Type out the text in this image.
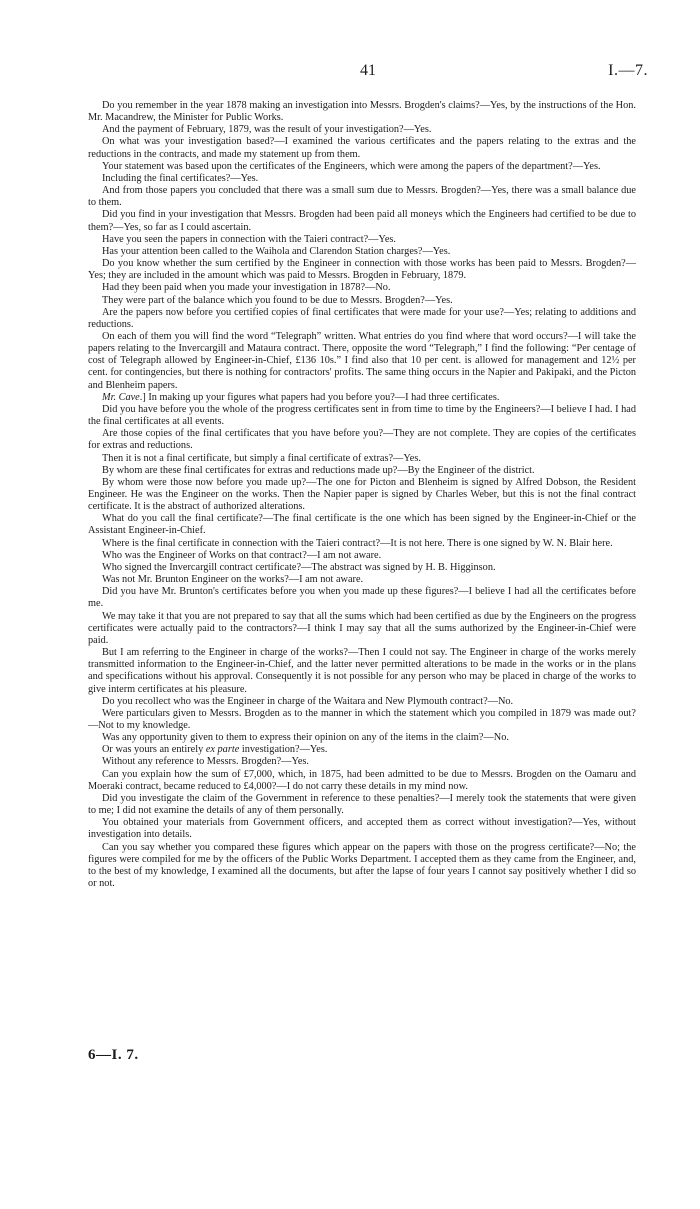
41	I.—7.

Do you remember in the year 1878 making an investigation into Messrs. Brogden's claims?—Yes, by the instructions of the Hon. Mr. Macandrew, the Minister for Public Works.

And the payment of February, 1879, was the result of your investigation?—Yes.

On what was your investigation based?—I examined the various certificates and the papers relating to the extras and the reductions in the contracts, and made my statement up from them.

Your statement was based upon the certificates of the Engineers, which were among the papers of the department?—Yes.

Including the final certificates?—Yes.

And from those papers you concluded that there was a small sum due to Messrs. Brogden?—Yes, there was a small balance due to them.

Did you find in your investigation that Messrs. Brogden had been paid all moneys which the Engineers had certified to be due to them?—Yes, so far as I could ascertain.

Have you seen the papers in connection with the Taieri contract?—Yes.

Has your attention been called to the Waihola and Clarendon Station charges?—Yes.

Do you know whether the sum certified by the Engineer in connection with those works has been paid to Messrs. Brogden?—Yes; they are included in the amount which was paid to Messrs. Brogden in February, 1879.

Had they been paid when you made your investigation in 1878?—No.

They were part of the balance which you found to be due to Messrs. Brogden?—Yes.

Are the papers now before you certified copies of final certificates that were made for your use?—Yes; relating to additions and reductions.

On each of them you will find the word “Telegraph” written. What entries do you find where that word occurs?—I will take the papers relating to the Invercargill and Mataura contract. There, opposite the word “Telegraph,” I find the following: “Per centage of cost of Telegraph allowed by Engineer-in-Chief, £136 10s.” I find also that 10 per cent. is allowed for management and 12½ per cent. for contingencies, but there is nothing for contractors' profits. The same thing occurs in the Napier and Pakipaki, and the Picton and Blenheim papers.

Mr. Cave.] In making up your figures what papers had you before you?—I had three certificates.

Did you have before you the whole of the progress certificates sent in from time to time by the Engineers?—I believe I had. I had the final certificates at all events.

Are those copies of the final certificates that you have before you?—They are not complete. They are copies of the certificates for extras and reductions.

Then it is not a final certificate, but simply a final certificate of extras?—Yes.

By whom are these final certificates for extras and reductions made up?—By the Engineer of the district.

By whom were those now before you made up?—The one for Picton and Blenheim is signed by Alfred Dobson, the Resident Engineer. He was the Engineer on the works. Then the Napier paper is signed by Charles Weber, but this is not the final contract certificate. It is the abstract of authorized alterations.

What do you call the final certificate?—The final certificate is the one which has been signed by the Engineer-in-Chief or the Assistant Engineer-in-Chief.

Where is the final certificate in connection with the Taieri contract?—It is not here. There is one signed by W. N. Blair here.

Who was the Engineer of Works on that contract?—I am not aware.

Who signed the Invercargill contract certificate?—The abstract was signed by H. B. Higginson.

Was not Mr. Brunton Engineer on the works?—I am not aware.

Did you have Mr. Brunton's certificates before you when you made up these figures?—I believe I had all the certificates before me.

We may take it that you are not prepared to say that all the sums which had been certified as due by the Engineers on the progress certificates were actually paid to the contractors?—I think I may say that all the sums authorized by the Engineer-in-Chief were paid.

But I am referring to the Engineer in charge of the works?—Then I could not say. The Engineer in charge of the works merely transmitted information to the Engineer-in-Chief, and the latter never permitted alterations to be made in the works or in the plans and specifications without his approval. Consequently it is not possible for any person who may be placed in charge of the works to give interm certificates at his pleasure.

Do you recollect who was the Engineer in charge of the Waitara and New Plymouth contract?—No.

Were particulars given to Messrs. Brogden as to the manner in which the statement which you compiled in 1879 was made out?—Not to my knowledge.

Was any opportunity given to them to express their opinion on any of the items in the claim?—No.

Or was yours an entirely ex parte investigation?—Yes.

Without any reference to Messrs. Brogden?—Yes.

Can you explain how the sum of £7,000, which, in 1875, had been admitted to be due to Messrs. Brogden on the Oamaru and Moeraki contract, became reduced to £4,000?—I do not carry these details in my mind now.

Did you investigate the claim of the Government in reference to these penalties?—I merely took the statements that were given to me; I did not examine the details of any of them personally.

You obtained your materials from Government officers, and accepted them as correct without investigation?—Yes, without investigation into details.

Can you say whether you compared these figures which appear on the papers with those on the progress certificate?—No; the figures were compiled for me by the officers of the Public Works Department. I accepted them as they came from the Engineer, and, to the best of my knowledge, I examined all the documents, but after the lapse of four years I cannot say positively whether I did so or not.

6—I. 7.
